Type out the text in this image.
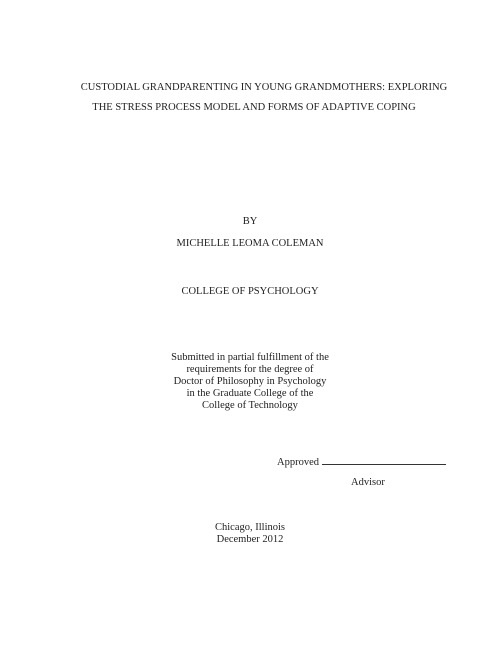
CUSTODIAL GRANDPARENTING IN YOUNG GRANDMOTHERS: EXPLORING
THE STRESS PROCESS MODEL AND FORMS OF ADAPTIVE COPING
BY
MICHELLE LEOMA COLEMAN
COLLEGE OF PSYCHOLOGY
Submitted in partial fulfillment of the
requirements for the degree of
Doctor of Philosophy in Psychology
in the Graduate College of the
College of Technology
Approved
Advisor
Chicago, Illinois
December 2012
